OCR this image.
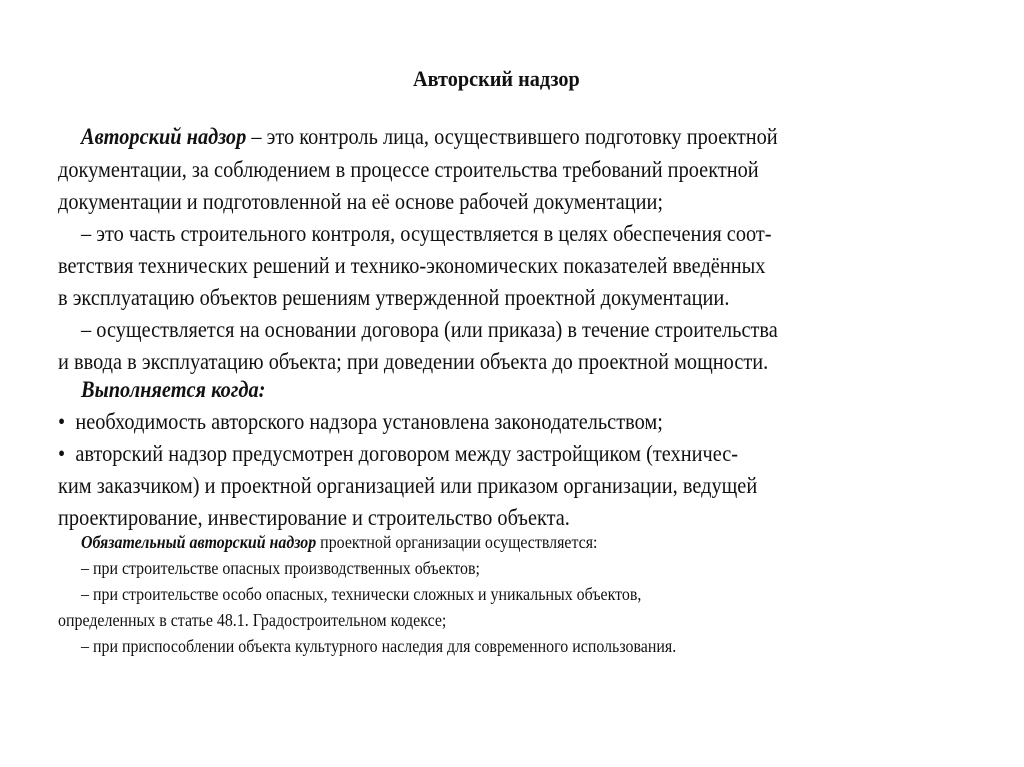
Авторский надзор
Авторский надзор – это контроль лица, осуществившего подготовку проектной
документации, за соблюдением в процессе строительства требований проектной
документации и подготовленной на её основе рабочей документации;
– это часть строительного контроля, осуществляется в целях обеспечения соот-
ветствия технических решений и технико-экономических показателей введённых
в эксплуатацию объектов решениям утвержденной проектной документации.
– осуществляется на основании договора (или приказа) в течение строительства
и ввода в эксплуатацию объекта; при доведении объекта до проектной мощности.
Выполняется когда:
• необходимость авторского надзора установлена законодательством;
• авторский надзор предусмотрен договором между застройщиком (техничес-
ким заказчиком) и проектной организацией или приказом организации, ведущей
проектирование, инвестирование и строительство объекта.
Обязательный авторский надзор проектной организации осуществляется:
– при строительстве опасных производственных объектов;
– при строительстве особо опасных, технически сложных и уникальных объектов,
определенных в статье 48.1. Градостроительном кодексе;
– при приспособлении объекта культурного наследия для современного использования.
